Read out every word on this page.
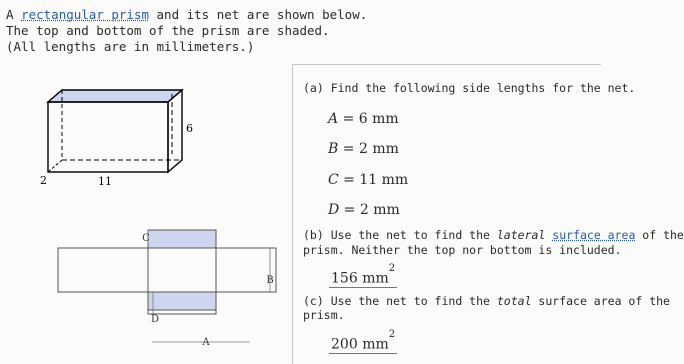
A rectangular prism and its net are shown below.
The top and bottom of the prism are shaded.
(All lengths are in millimeters.)
6
2	11
C
B
D
A
(a) Find the following side lengths for the net.
A = 6 mm
B = 2 mm
C = 11 mm
D = 2 mm
(b) Use the net to find the lateral surface area of the
prism. Neither the top nor bottom is included.
156 $mm^2$
(c) Use the net to find the total surface area of the
prism.
200 $mm^2$
